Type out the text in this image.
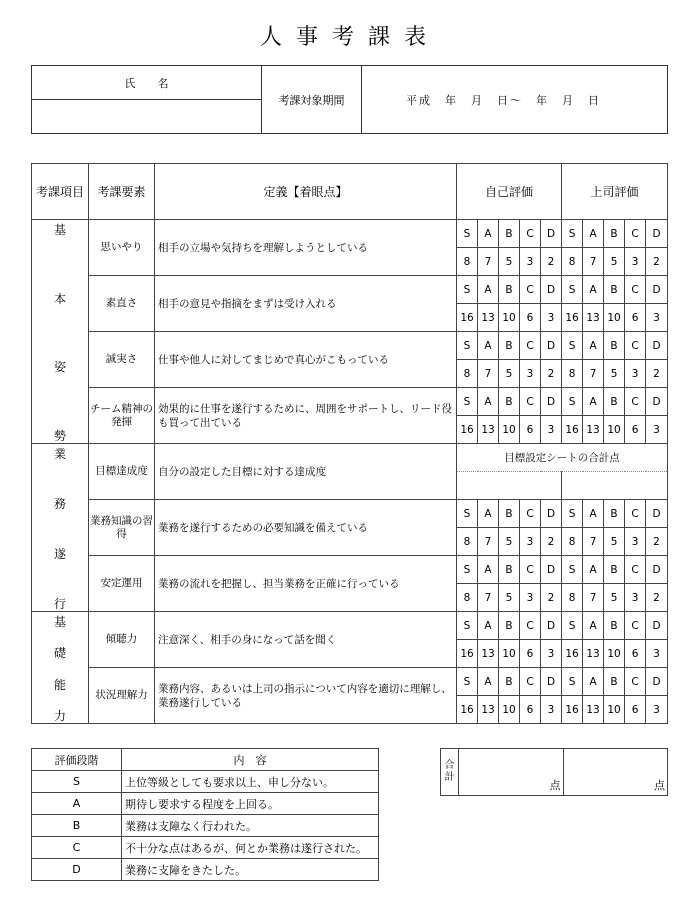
人事考課表
氏　　名	考課対象期間	平成　年　月　日〜　年　月　日

考課項目	考課要素	定義【着眼点】	自己評価					上司評価				

基
本
姿
勢	思いやり	相手の立場や気持ちを理解しようとしている	S	A	B	C	D	S	A	B	C	D
			8	7	5	3	2	8	7	5	3	2
	素直さ	相手の意見や指摘をまずは受け入れる	S	A	B	C	D	S	A	B	C	D
			16	13	10	6	3	16	13	10	6	3
	誠実さ	仕事や他人に対してまじめで真心がこもっている	S	A	B	C	D	S	A	B	C	D
			8	7	5	3	2	8	7	5	3	2
	チーム精神の発揮	効果的に仕事を遂行するために、周囲をサポートし、リード役も買って出ている	S	A	B	C	D	S	A	B	C	D
			16	13	10	6	3	16	13	10	6	3

業
務
遂
行	目標達成度	自分の設定した目標に対する達成度	目標設定シートの合計点									

	業務知識の習得	業務を遂行するための必要知識を備えている	S	A	B	C	D	S	A	B	C	D
			8	7	5	3	2	8	7	5	3	2
	安定運用	業務の流れを把握し、担当業務を正確に行っている	S	A	B	C	D	S	A	B	C	D
			8	7	5	3	2	8	7	5	3	2

基
礎
能
力	傾聴力	注意深く、相手の身になって話を聞く	S	A	B	C	D	S	A	B	C	D
			16	13	10	6	3	16	13	10	6	3
	状況理解力	業務内容、あるいは上司の指示について内容を適切に理解し、業務遂行している	S	A	B	C	D	S	A	B	C	D
			16	13	10	6	3	16	13	10	6	3
評価段階	内　容
S	上位等級としても要求以上、申し分ない。
A	期待し要求する程度を上回る。
B	業務は支障なく行われた。
C	不十分な点はあるが、何とか業務は遂行された。
D	業務に支障をきたした。
合
計
	点	点
